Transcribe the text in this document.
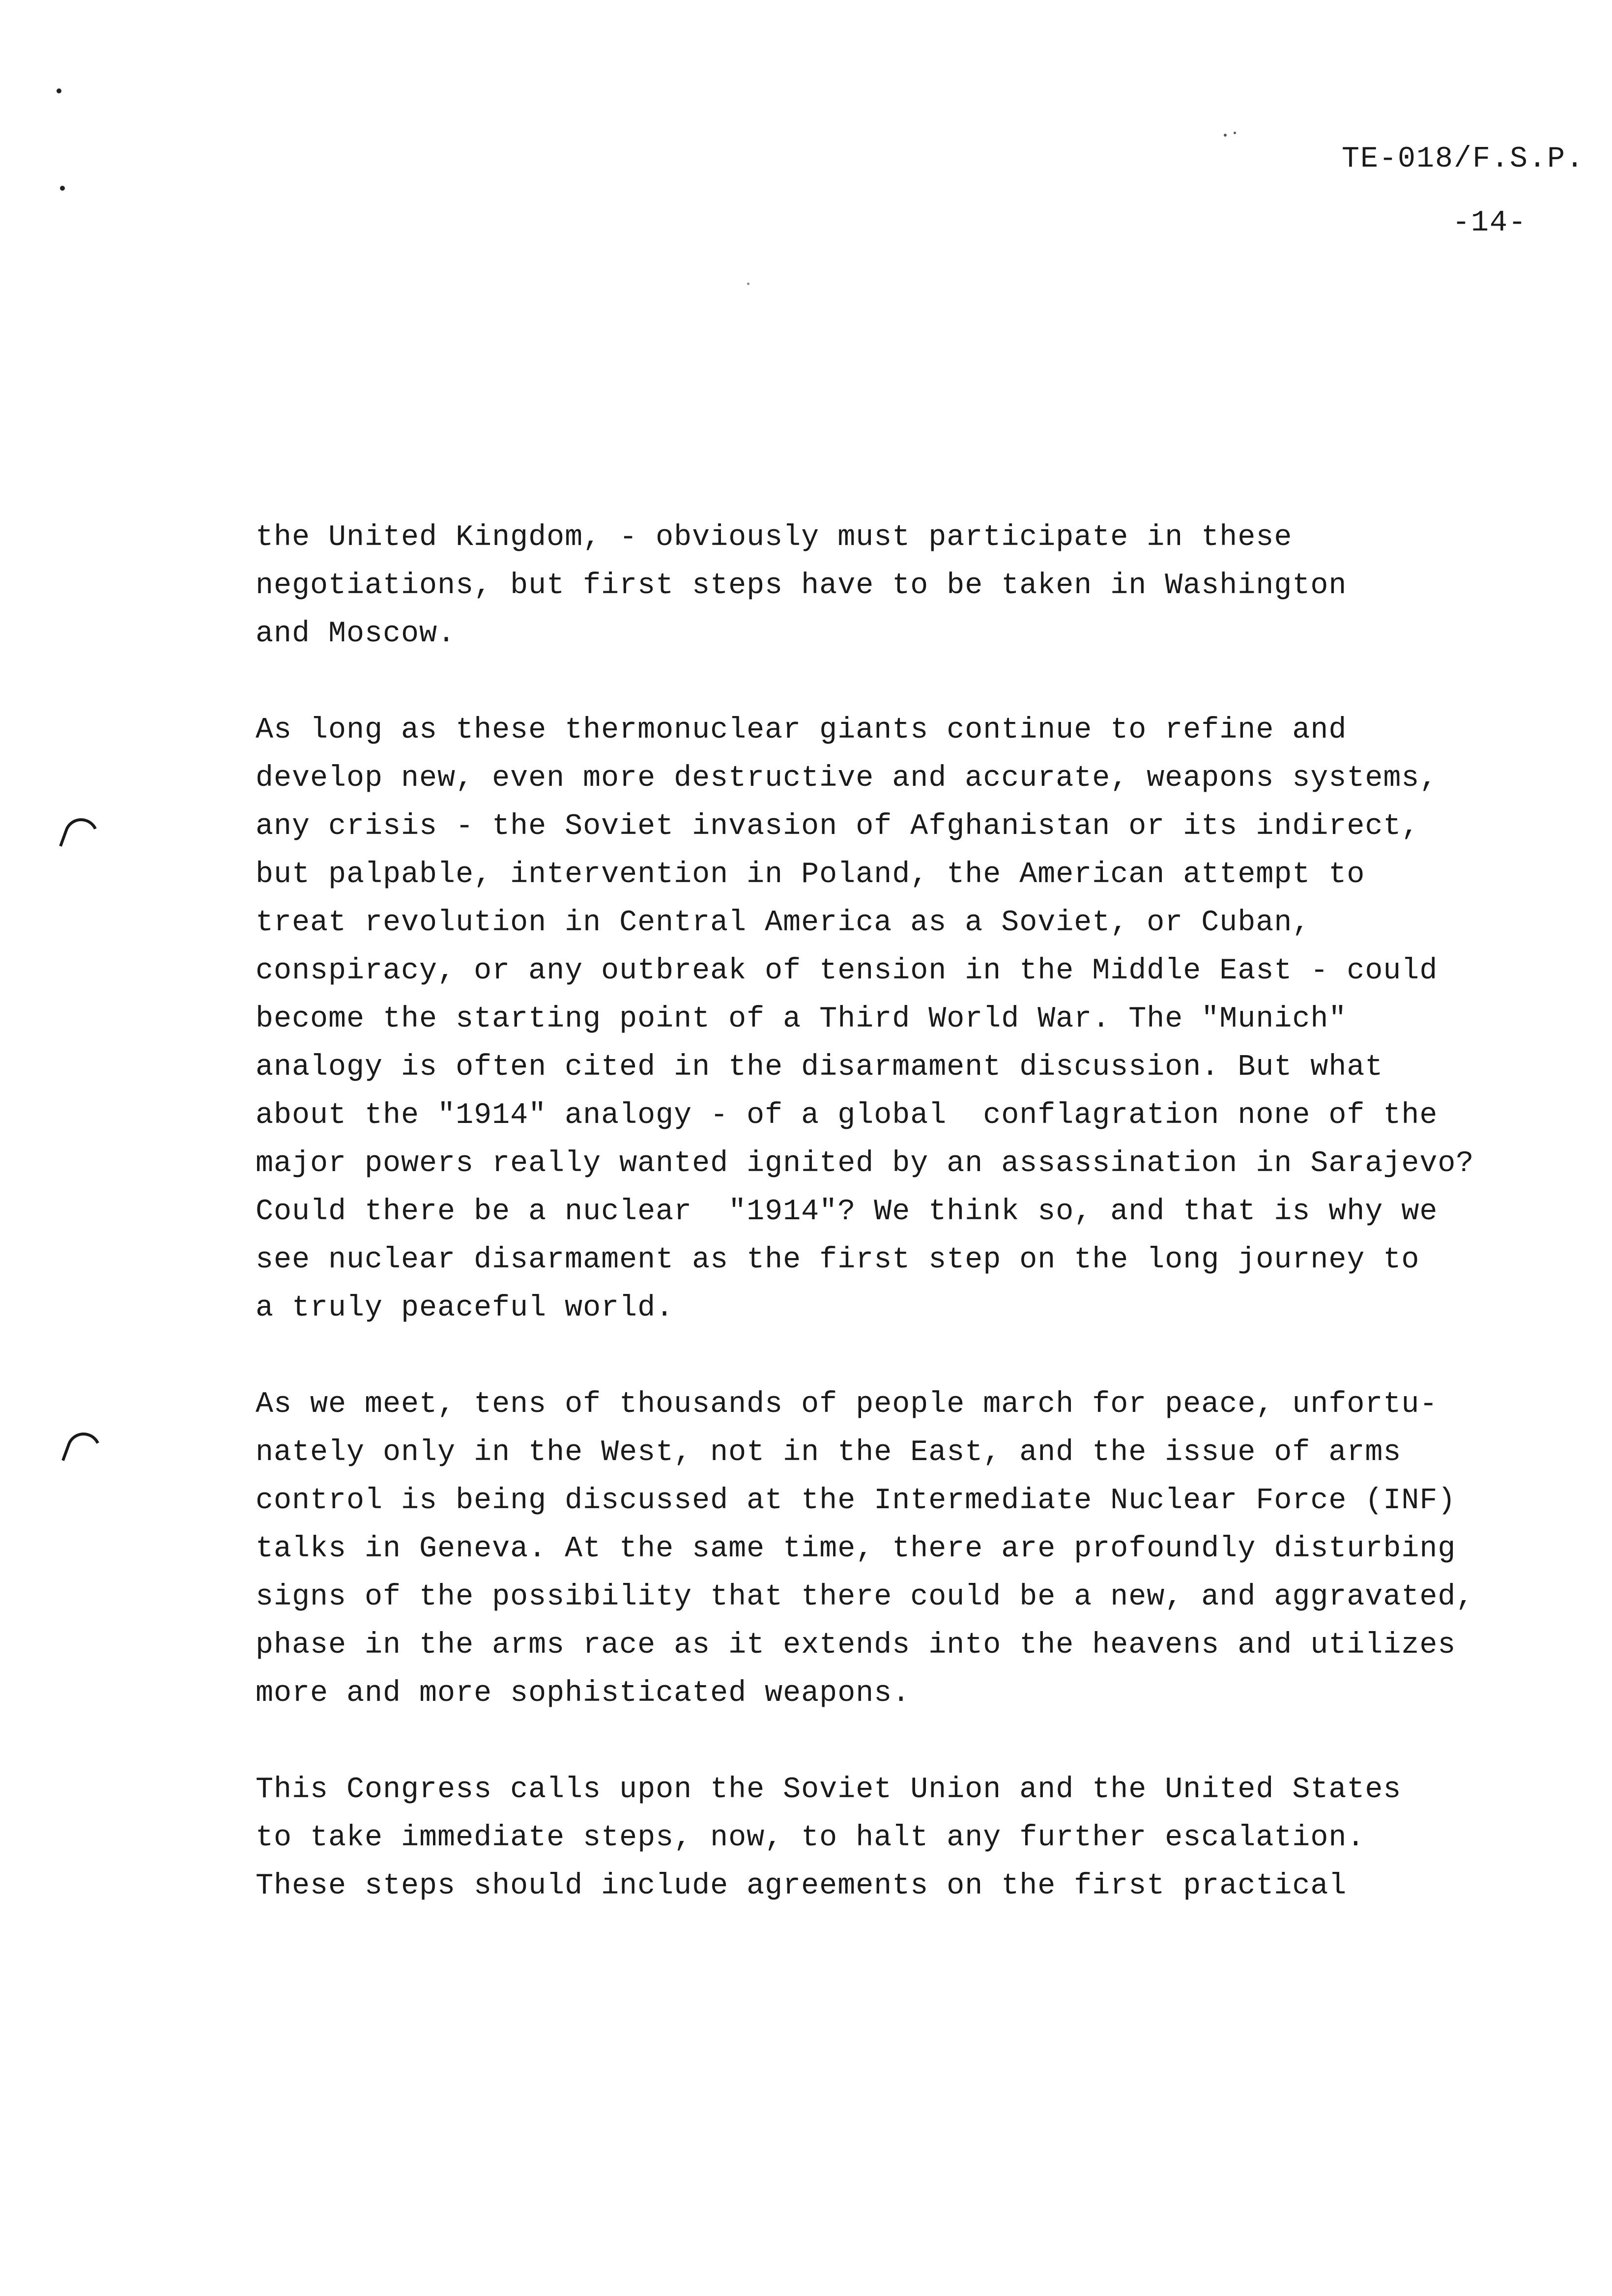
TE-018/F.S.P.
-14-
the United Kingdom, - obviously must participate in these
negotiations, but first steps have to be taken in Washington
and Moscow.
As long as these thermonuclear giants continue to refine and
develop new, even more destructive and accurate, weapons systems,
any crisis - the Soviet invasion of Afghanistan or its indirect,
but palpable, intervention in Poland, the American attempt to
treat revolution in Central America as a Soviet, or Cuban,
conspiracy, or any outbreak of tension in the Middle East - could
become the starting point of a Third World War. The "Munich"
analogy is often cited in the disarmament discussion. But what
about the "1914" analogy - of a global  conflagration none of the
major powers really wanted ignited by an assassination in Sarajevo?
Could there be a nuclear  "1914"? We think so, and that is why we
see nuclear disarmament as the first step on the long journey to
a truly peaceful world.
As we meet, tens of thousands of people march for peace, unfortu-
nately only in the West, not in the East, and the issue of arms
control is being discussed at the Intermediate Nuclear Force (INF)
talks in Geneva. At the same time, there are profoundly disturbing
signs of the possibility that there could be a new, and aggravated,
phase in the arms race as it extends into the heavens and utilizes
more and more sophisticated weapons.
This Congress calls upon the Soviet Union and the United States
to take immediate steps, now, to halt any further escalation.
These steps should include agreements on the first practical
